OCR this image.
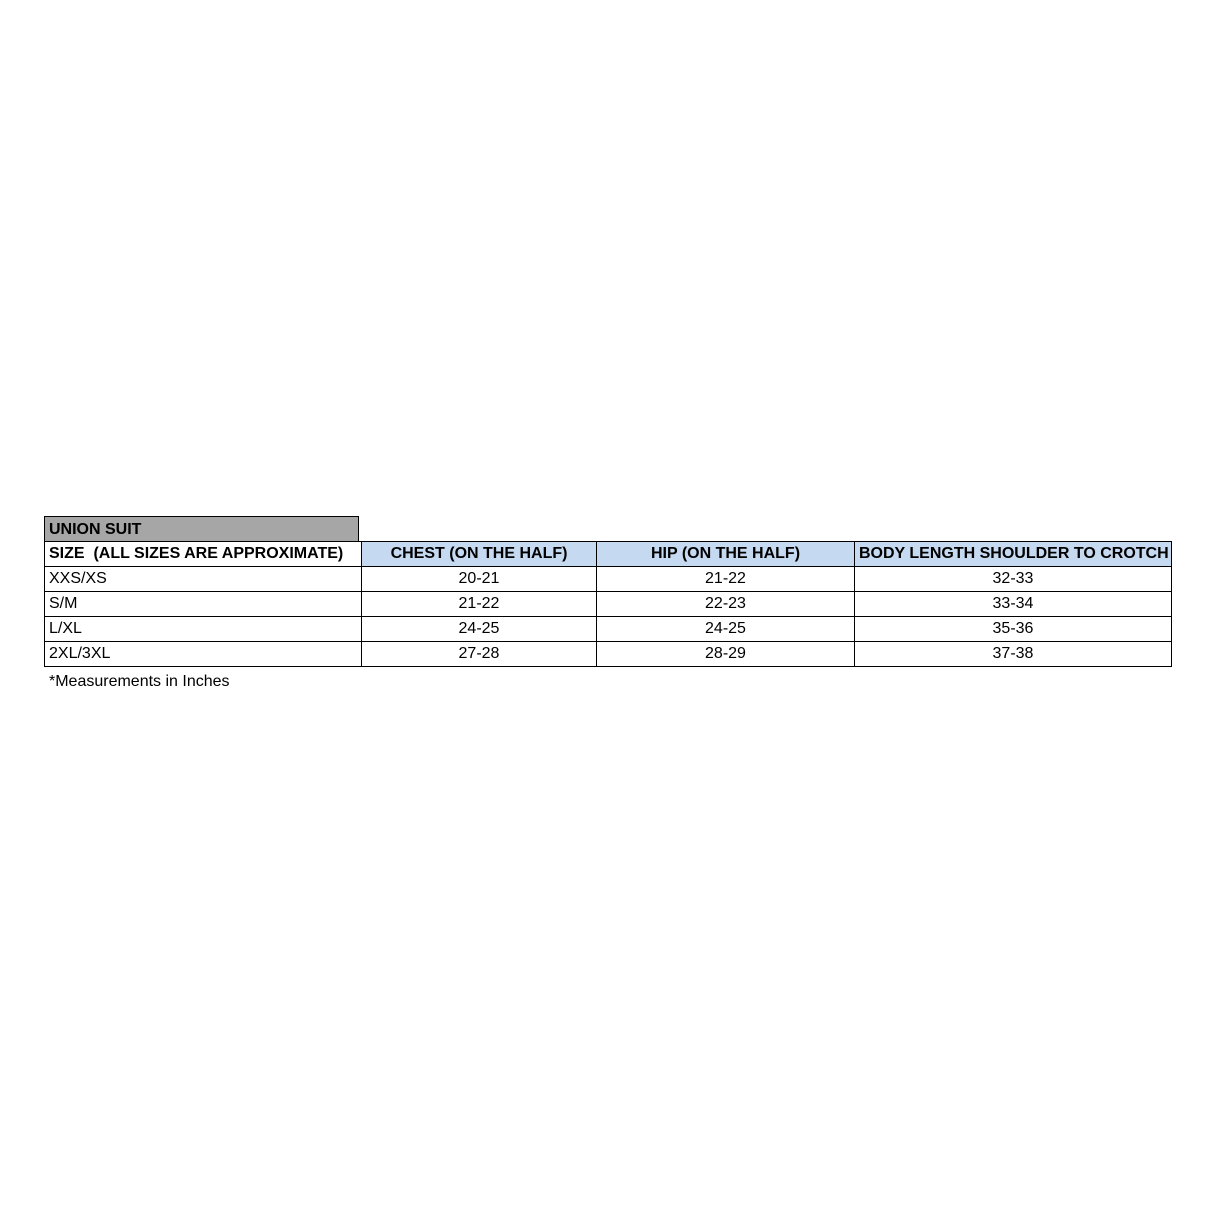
UNION SUIT
SIZE  (ALL SIZES ARE APPROXIMATE)	CHEST (ON THE HALF)	HIP (ON THE HALF)	BODY LENGTH SHOULDER TO CROTCH
XXS/XS	20-21	21-22	32-33
S/M	21-22	22-23	33-34
L/XL	24-25	24-25	35-36
2XL/3XL	27-28	28-29	37-38
*Measurements in Inches
